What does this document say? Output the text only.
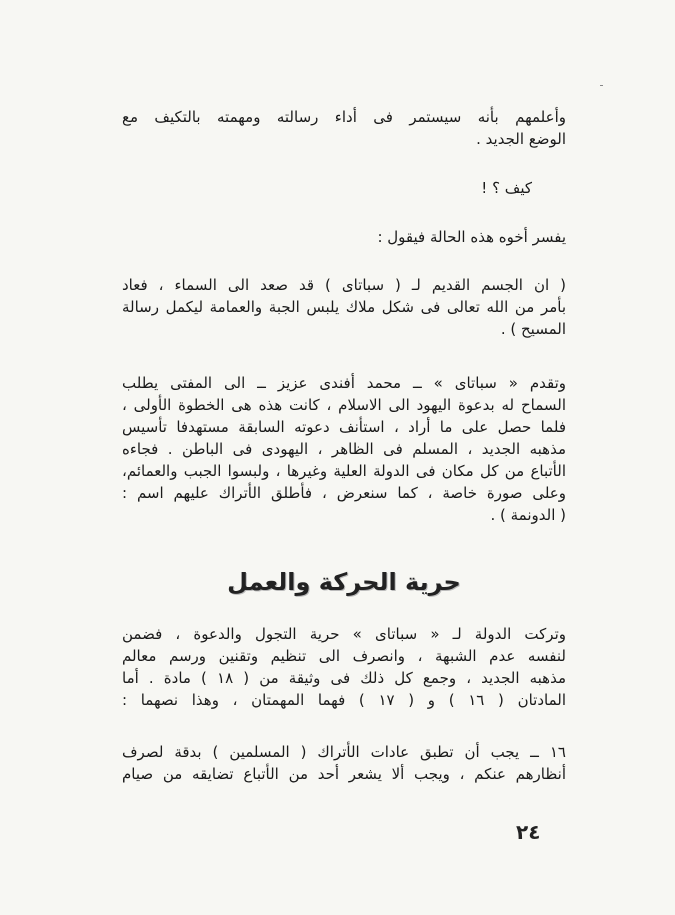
وأعلمهم بأنه سيستمر فى أداء رسالته ومهمته بالتكيف مع
الوضع الجديد .
كيف ؟ !
يفسر أخوه هذه الحالة فيقول :
( ان الجسم القديم لـ ( سباتاى ) قد صعد الى السماء ، فعاد
بأمر من الله تعالى فى شكل ملاك يلبس الجبة والعمامة ليكمل رسالة
المسيح ) .
وتقدم « سباتاى » ــ محمد أفندى عزيز ــ الى المفتى يطلب
السماح له بدعوة اليهود الى الاسلام ، كانت هذه هى الخطوة الأولى ،
فلما حصل على ما أراد ، استأنف دعوته السابقة مستهدفا تأسيس
مذهبه الجديد ، المسلم فى الظاهر ، اليهودى فى الباطن . فجاءه
الأتباع من كل مكان فى الدولة العلية وغيرها ، ولبسوا الجبب والعمائم،
وعلى صورة خاصة ، كما سنعرض ، فأطلق الأتراك عليهم اسم :
( الدونمة ) .
حرية الحركة والعمل
وتركت الدولة لـ « سباتاى » حرية التجول والدعوة ، فضمن
لنفسه عدم الشبهة ، وانصرف الى تنظيم وتقنين ورسم معالم
مذهبه الجديد ، وجمع كل ذلك فى وثيقة من ( ١٨ ) مادة . أما
المادتان ( ١٦ ) و ( ١٧ ) فهما المهمتان ، وهذا نصهما :
١٦ ــ يجب أن تطبق عادات الأتراك ( المسلمين ) بدقة لصرف
أنظارهم عنكم ، ويجب ألا يشعر أحد من الأتباع تضايقه من صيام
٢٤
